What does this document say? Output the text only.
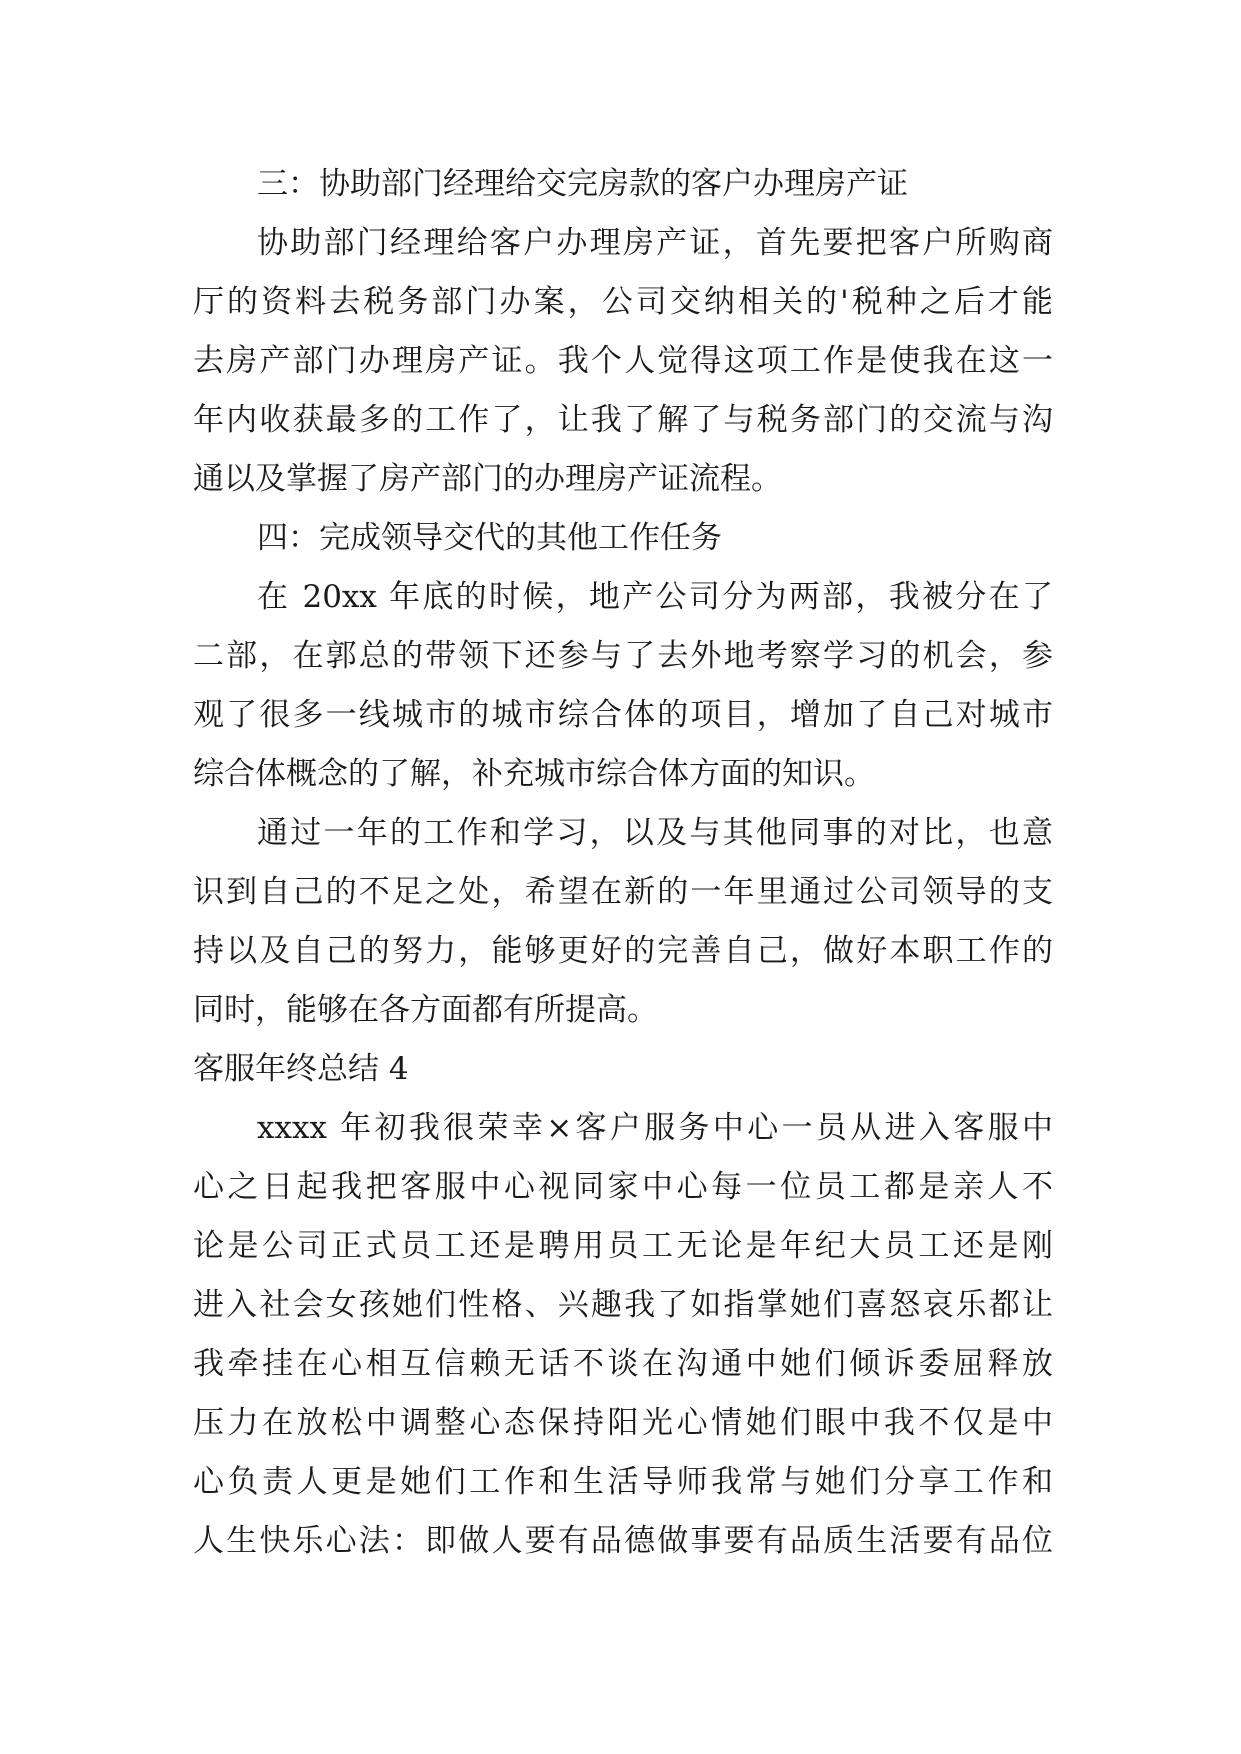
三：协助部门经理给交完房款的客户办理房产证
协助部门经理给客户办理房产证，首先要把客户所购商
厅的资料去税务部门办案，公司交纳相关的'税种之后才能
去房产部门办理房产证。我个人觉得这项工作是使我在这一
年内收获最多的工作了，让我了解了与税务部门的交流与沟
通以及掌握了房产部门的办理房产证流程。
四：完成领导交代的其他工作任务
在 20xx 年底的时候，地产公司分为两部，我被分在了
二部，在郭总的带领下还参与了去外地考察学习的机会，参
观了很多一线城市的城市综合体的项目，增加了自己对城市
综合体概念的了解，补充城市综合体方面的知识。
通过一年的工作和学习，以及与其他同事的对比，也意
识到自己的不足之处，希望在新的一年里通过公司领导的支
持以及自己的努力，能够更好的完善自己，做好本职工作的
同时，能够在各方面都有所提高。
客服年终总结 4
xxxx 年初我很荣幸×客户服务中心一员从进入客服中
心之日起我把客服中心视同家中心每一位员工都是亲人不
论是公司正式员工还是聘用员工无论是年纪大员工还是刚
进入社会女孩她们性格、兴趣我了如指掌她们喜怒哀乐都让
我牵挂在心相互信赖无话不谈在沟通中她们倾诉委屈释放
压力在放松中调整心态保持阳光心情她们眼中我不仅是中
心负责人更是她们工作和生活导师我常与她们分享工作和
人生快乐心法：即做人要有品德做事要有品质生活要有品位
